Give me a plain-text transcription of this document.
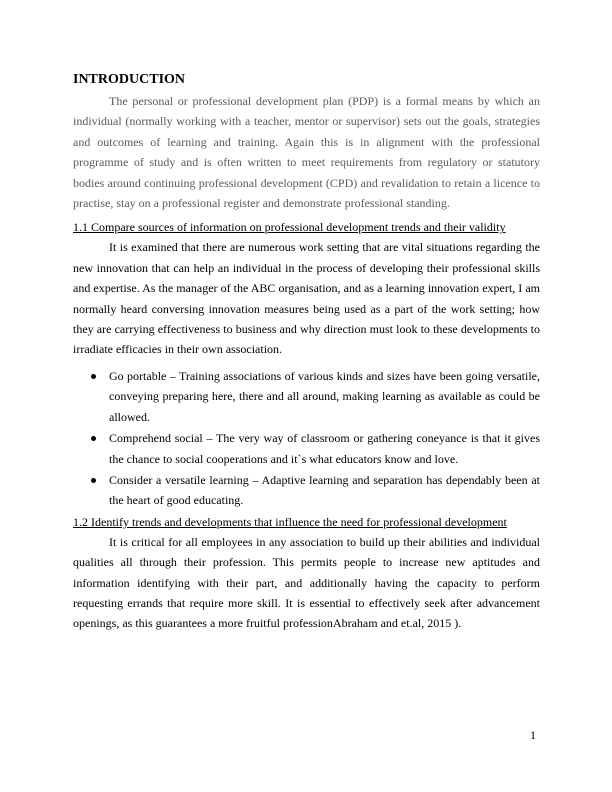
INTRODUCTION

The personal or professional development plan (PDP) is a formal means by which an individual (normally working with a teacher, mentor or supervisor) sets out the goals, strategies and outcomes of learning and training. Again this is in alignment with the professional programme of study and is often written to meet requirements from regulatory or statutory bodies around continuing professional development (CPD) and revalidation to retain a licence to practise, stay on a professional register and demonstrate professional standing.

1.1 Compare sources of information on professional development trends and their validity

It is examined that there are numerous work setting that are vital situations regarding the new innovation that can help an individual in the process of developing their professional skills and expertise. As the manager of the ABC organisation, and as a learning innovation expert, I am normally heard conversing innovation measures being used as a part of the work setting; how they are carrying effectiveness to business and why direction must look to these developments to irradiate efficacies in their own association.

Go portable – Training associations of various kinds and sizes have been going versatile, conveying preparing here, there and all around, making learning as available as could be allowed.
Comprehend social – The very way of classroom or gathering coneyance is that it gives the chance to social cooperations and it`s what educators know and love.
Consider a versatile learning – Adaptive learning and separation has dependably been at the heart of good educating.
1.2 Identify trends and developments that influence the need for professional development

It is critical for all employees in any association to build up their abilities and individual qualities all through their profession. This permits people to increase new aptitudes and information identifying with their part, and additionally having the capacity to perform requesting errands that require more skill. It is essential to effectively seek after advancement openings, as this guarantees a more fruitful professionAbraham and et.al, 2015 ).

1
